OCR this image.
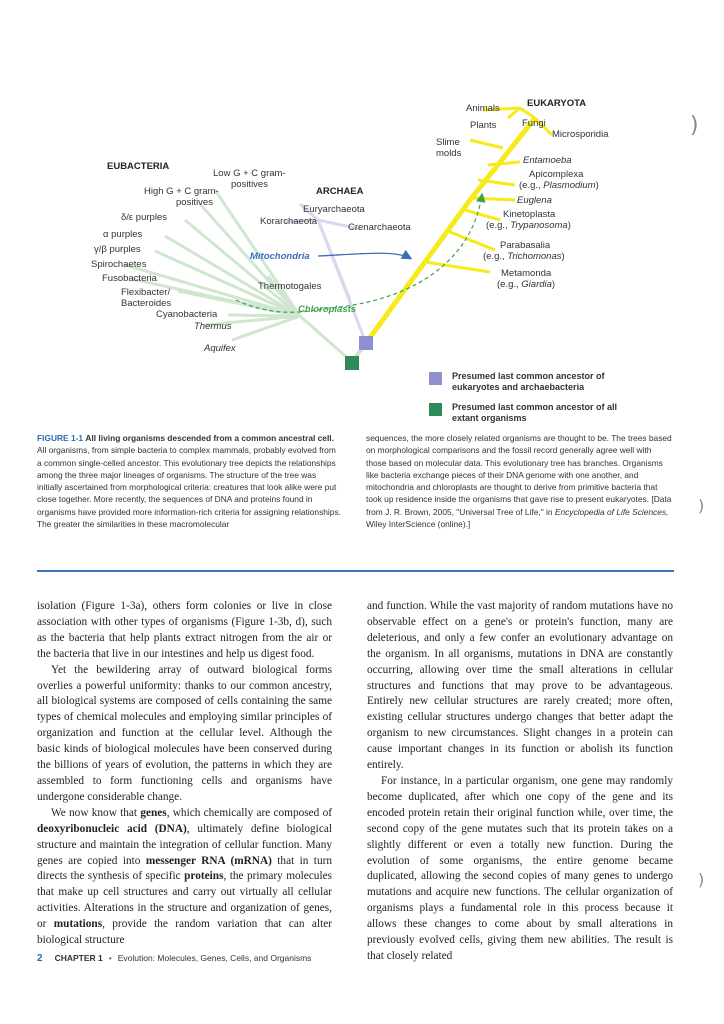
EUKARYOTA
EUBACTERIA
ARCHAEA
Animals
Plants	Fungi
Microsporidia
Slime
molds
Entamoeba
Apicomplexa
(e.g., Plasmodium)
Euglena
Kinetoplasta
(e.g., Trypanosoma)
Parabasalia
(e.g., Trichomonas)
Metamonda
(e.g., Giardia)
Euryarchaeota
Korarchaeota
Crenarchaeota
Low G + C gram-
positives
High G + C gram-
positives
δ/ε purples
α purples
γ/β purples
Spirochaetes
Fusobacteria
Flexibacter/
Bacteroides
Cyanobacteria
Thermus
Aquifex
Thermotogales
Mitochondria
Chloroplasts
Presumed last common ancestor of eukaryotes and archaebacteria
Presumed last common ancestor of all extant organisms
FIGURE 1-1 All living organisms descended from a common ancestral cell. All organisms, from simple bacteria to complex mammals, probably evolved from a common single-celled ancestor. This evolutionary tree depicts the relationships among the three major lineages of organisms. The structure of the tree was initially ascertained from morphological criteria: creatures that look alike were put close together. More recently, the sequences of DNA and proteins found in organisms have provided more information-rich criteria for assigning relationships. The greater the similarities in these macromolecular
sequences, the more closely related organisms are thought to be. The trees based on morphological comparisons and the fossil record generally agree well with those based on molecular data. This evolutionary tree has branches. Organisms like bacteria exchange pieces of their DNA genome with one another, and mitochondria and chloroplasts are thought to derive from primitive bacteria that took up residence inside the organisms that gave rise to present eukaryotes. [Data from J. R. Brown, 2005, "Universal Tree of Life," in Encyclopedia of Life Sciences, Wiley InterScience (online).]

isolation (Figure 1-3a), others form colonies or live in close association with other types of organisms (Figure 1-3b, d), such as the bacteria that help plants extract nitrogen from the air or the bacteria that live in our intestines and help us digest food.

Yet the bewildering array of outward biological forms overlies a powerful uniformity: thanks to our common ancestry, all biological systems are composed of cells containing the same types of chemical molecules and employing similar principles of organization and function at the cellular level. Although the basic kinds of biological molecules have been conserved during the billions of years of evolution, the patterns in which they are assembled to form functioning cells and organisms have undergone considerable change.

We now know that genes, which chemically are composed of deoxyribonucleic acid (DNA), ultimately define biological structure and maintain the integration of cellular function. Many genes are copied into messenger RNA (mRNA) that in turn directs the synthesis of specific proteins, the primary molecules that make up cell structures and carry out virtually all cellular activities. Alterations in the structure and organization of genes, or mutations, provide the random variation that can alter biological structure

and function. While the vast majority of random mutations have no observable effect on a gene's or protein's function, many are deleterious, and only a few confer an evolutionary advantage on the organism. In all organisms, mutations in DNA are constantly occurring, allowing over time the small alterations in cellular structures and functions that may prove to be advantageous. Entirely new cellular structures are rarely created; more often, existing cellular structures undergo changes that better adapt the organism to new circumstances. Slight changes in a protein can cause important changes in its function or abolish its function entirely.

For instance, in a particular organism, one gene may randomly become duplicated, after which one copy of the gene and its encoded protein retain their original function while, over time, the second copy of the gene mutates such that its protein takes on a slightly different or even a totally new function. During the evolution of some organisms, the entire genome became duplicated, allowing the second copies of many genes to undergo mutations and acquire new functions. The cellular organization of organisms plays a fundamental role in this process because it allows these changes to come about by small alterations in previously evolved cells, giving them new abilities. The result is that closely related

2 CHAPTER 1 • Evolution: Molecules, Genes, Cells, and Organisms
)
)
)
